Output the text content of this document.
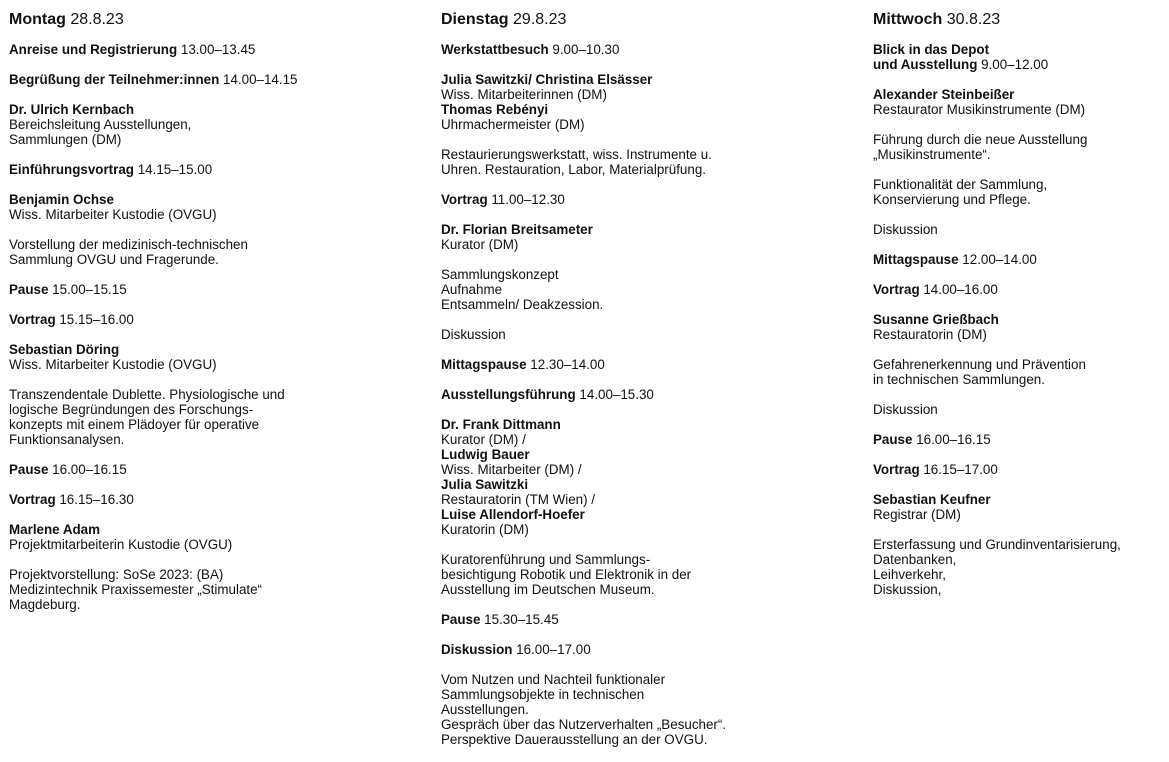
Montag 28.8.23
Anreise und Registrierung 13.00–13.45
Begrüßung der Teilnehmer:innen 14.00–14.15
Dr. Ulrich Kernbach
Bereichsleitung Ausstellungen,
Sammlungen (DM)
Einführungsvortrag 14.15–15.00
Benjamin Ochse
Wiss. Mitarbeiter Kustodie (OVGU)
Vorstellung der medizinisch-technischen
Sammlung OVGU und Fragerunde.
Pause 15.00–15.15
Vortrag 15.15–16.00
Sebastian Döring
Wiss. Mitarbeiter Kustodie (OVGU)
Transzendentale Dublette. Physiologische und
logische Begründungen des Forschungs-
konzepts mit einem Plädoyer für operative
Funktionsanalysen.
Pause 16.00–16.15
Vortrag 16.15–16.30
Marlene Adam
Projektmitarbeiterin Kustodie (OVGU)
Projektvorstellung: SoSe 2023: (BA)
Medizintechnik Praxissemester „Stimulate“
Magdeburg.
Dienstag 29.8.23
Werkstattbesuch 9.00–10.30
Julia Sawitzki/ Christina Elsässer
Wiss. Mitarbeiterinnen (DM)
Thomas Rebényi
Uhrmachermeister (DM)
Restaurierungswerkstatt, wiss. Instrumente u.
Uhren. Restauration, Labor, Materialprüfung.
Vortrag 11.00–12.30
Dr. Florian Breitsameter
Kurator (DM)
Sammlungskonzept
Aufnahme
Entsammeln/ Deakzession.
Diskussion
Mittagspause 12.30–14.00
Ausstellungsführung 14.00–15.30
Dr. Frank Dittmann
Kurator (DM) /
Ludwig Bauer
Wiss. Mitarbeiter (DM) /
Julia Sawitzki
Restauratorin (TM Wien) /
Luise Allendorf-Hoefer
Kuratorin (DM)
Kuratorenführung und Sammlungs-
besichtigung Robotik und Elektronik in der
Ausstellung im Deutschen Museum.
Pause 15.30–15.45
Diskussion 16.00–17.00
Vom Nutzen und Nachteil funktionaler
Sammlungsobjekte in technischen
Ausstellungen.
Gespräch über das Nutzerverhalten „Besucher“.
Perspektive Dauerausstellung an der OVGU.
Mittwoch 30.8.23
Blick in das Depot
und Ausstellung 9.00–12.00
Alexander Steinbeißer
Restaurator Musikinstrumente (DM)
Führung durch die neue Ausstellung
„Musikinstrumente“.
Funktionalität der Sammlung,
Konservierung und Pflege.
Diskussion
Mittagspause 12.00–14.00
Vortrag 14.00–16.00
Susanne Grießbach
Restauratorin (DM)
Gefahrenerkennung und Prävention
in technischen Sammlungen.
Diskussion
Pause 16.00–16.15
Vortrag 16.15–17.00
Sebastian Keufner
Registrar (DM)
Ersterfassung und Grundinventarisierung,
Datenbanken,
Leihverkehr,
Diskussion,
